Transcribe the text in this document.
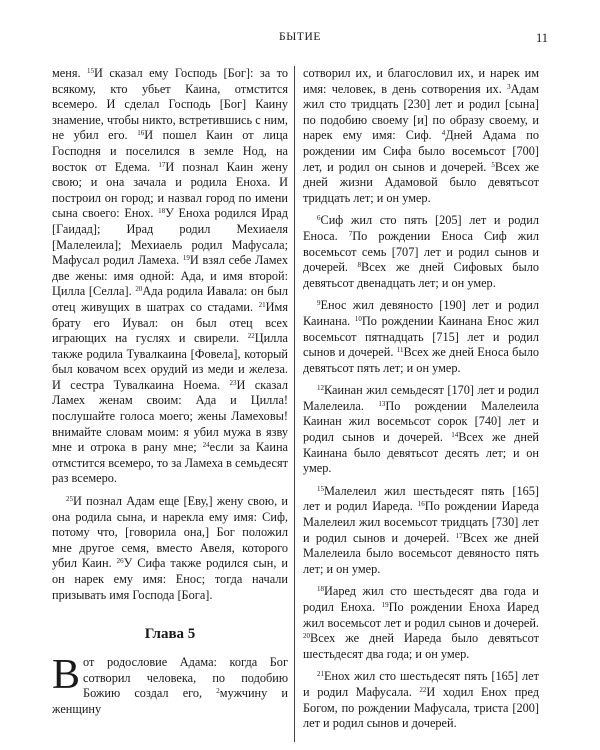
БЫТИЕ	11

меня. $^{15}$И сказал ему Господь [Бог]: за то всякому, кто убьет Каина, отмстится всемеро. И сделал Господь [Бог] Каину знамение, чтобы никто, встретившись с ним, не убил его. $^{16}$И пошел Каин от лица Господня и поселился в земле Нод, на восток от Едема. $^{17}$И познал Каин жену свою; и она зачала и родила Еноха. И построил он город; и назвал город по имени сына своего: Енох. $^{18}$У Еноха родился Ирад [Гаидад]; Ирад родил Мехиаеля [Малелеила]; Мехиаель родил Мафусала; Мафусал родил Ламеха. $^{19}$И взял себе Ламех две жены: имя одной: Ада, и имя второй: Цилла [Селла]. $^{20}$Ада родила Иавала: он был отец живущих в шатрах со стадами. $^{21}$Имя брату его Иувал: он был отец всех играющих на гуслях и свирели. $^{22}$Цилла также родила Тувалкаина [Фовела], который был ковачом всех орудий из меди и железа. И сестра Тувалкаина Ноема. $^{23}$И сказал Ламех женам своим: Ада и Цилла! послушайте голоса моего; жены Ламеховы! внимайте словам моим: я убил мужа в язву мне и отрока в рану мне; $^{24}$если за Каина отмстится всемеро, то за Ламеха в семьдесят раз всемеро.

$^{25}$И познал Адам еще [Еву,] жену свою, и она родила сына, и нарекла ему имя: Сиф, потому что, [говорила она,] Бог положил мне другое семя, вместо Авеля, которого убил Каин. $^{26}$У Сифа также родился сын, и он нарек ему имя: Енос; тогда начали призывать имя Господа [Бога].

Глава 5

Вот родословие Адама: когда Бог сотворил человека, по подобию Божию создал его, $^2$мужчину и женщину

сотворил их, и благословил их, и нарек им имя: человек, в день сотворения их. $^3$Адам жил сто тридцать [230] лет и родил [сына] по подобию своему [и] по образу своему, и нарек ему имя: Сиф. $^4$Дней Адама по рождении им Сифа было восемьсот [700] лет, и родил он сынов и дочерей. $^5$Всех же дней жизни Адамовой было девятьсот тридцать лет; и он умер.

$^6$Сиф жил сто пять [205] лет и родил Еноса. $^7$По рождении Еноса Сиф жил восемьсот семь [707] лет и родил сынов и дочерей. $^8$Всех же дней Сифовых было девятьсот двенадцать лет; и он умер.

$^9$Енос жил девяносто [190] лет и родил Каинана. $^{10}$По рождении Каинана Енос жил восемьсот пятнадцать [715] лет и родил сынов и дочерей. $^{11}$Всех же дней Еноса было девятьсот пять лет; и он умер.

$^{12}$Каинан жил семьдесят [170] лет и родил Малелеила. $^{13}$По рождении Малелеила Каинан жил восемьсот сорок [740] лет и родил сынов и дочерей. $^{14}$Всех же дней Каинана было девятьсот десять лет; и он умер.

$^{15}$Малелеил жил шестьдесят пять [165] лет и родил Иареда. $^{16}$По рождении Иареда Малелеил жил восемьсот тридцать [730] лет и родил сынов и дочерей. $^{17}$Всех же дней Малелеила было восемьсот девяносто пять лет; и он умер.

$^{18}$Иаред жил сто шестьдесят два года и родил Еноха. $^{19}$По рождении Еноха Иаред жил восемьсот лет и родил сынов и дочерей. $^{20}$Всех же дней Иареда было девятьсот шестьдесят два года; и он умер.

$^{21}$Енох жил сто шестьдесят пять [165] лет и родил Мафусала. $^{22}$И ходил Енох пред Богом, по рождении Мафусала, триста [200] лет и родил сынов и дочерей.
